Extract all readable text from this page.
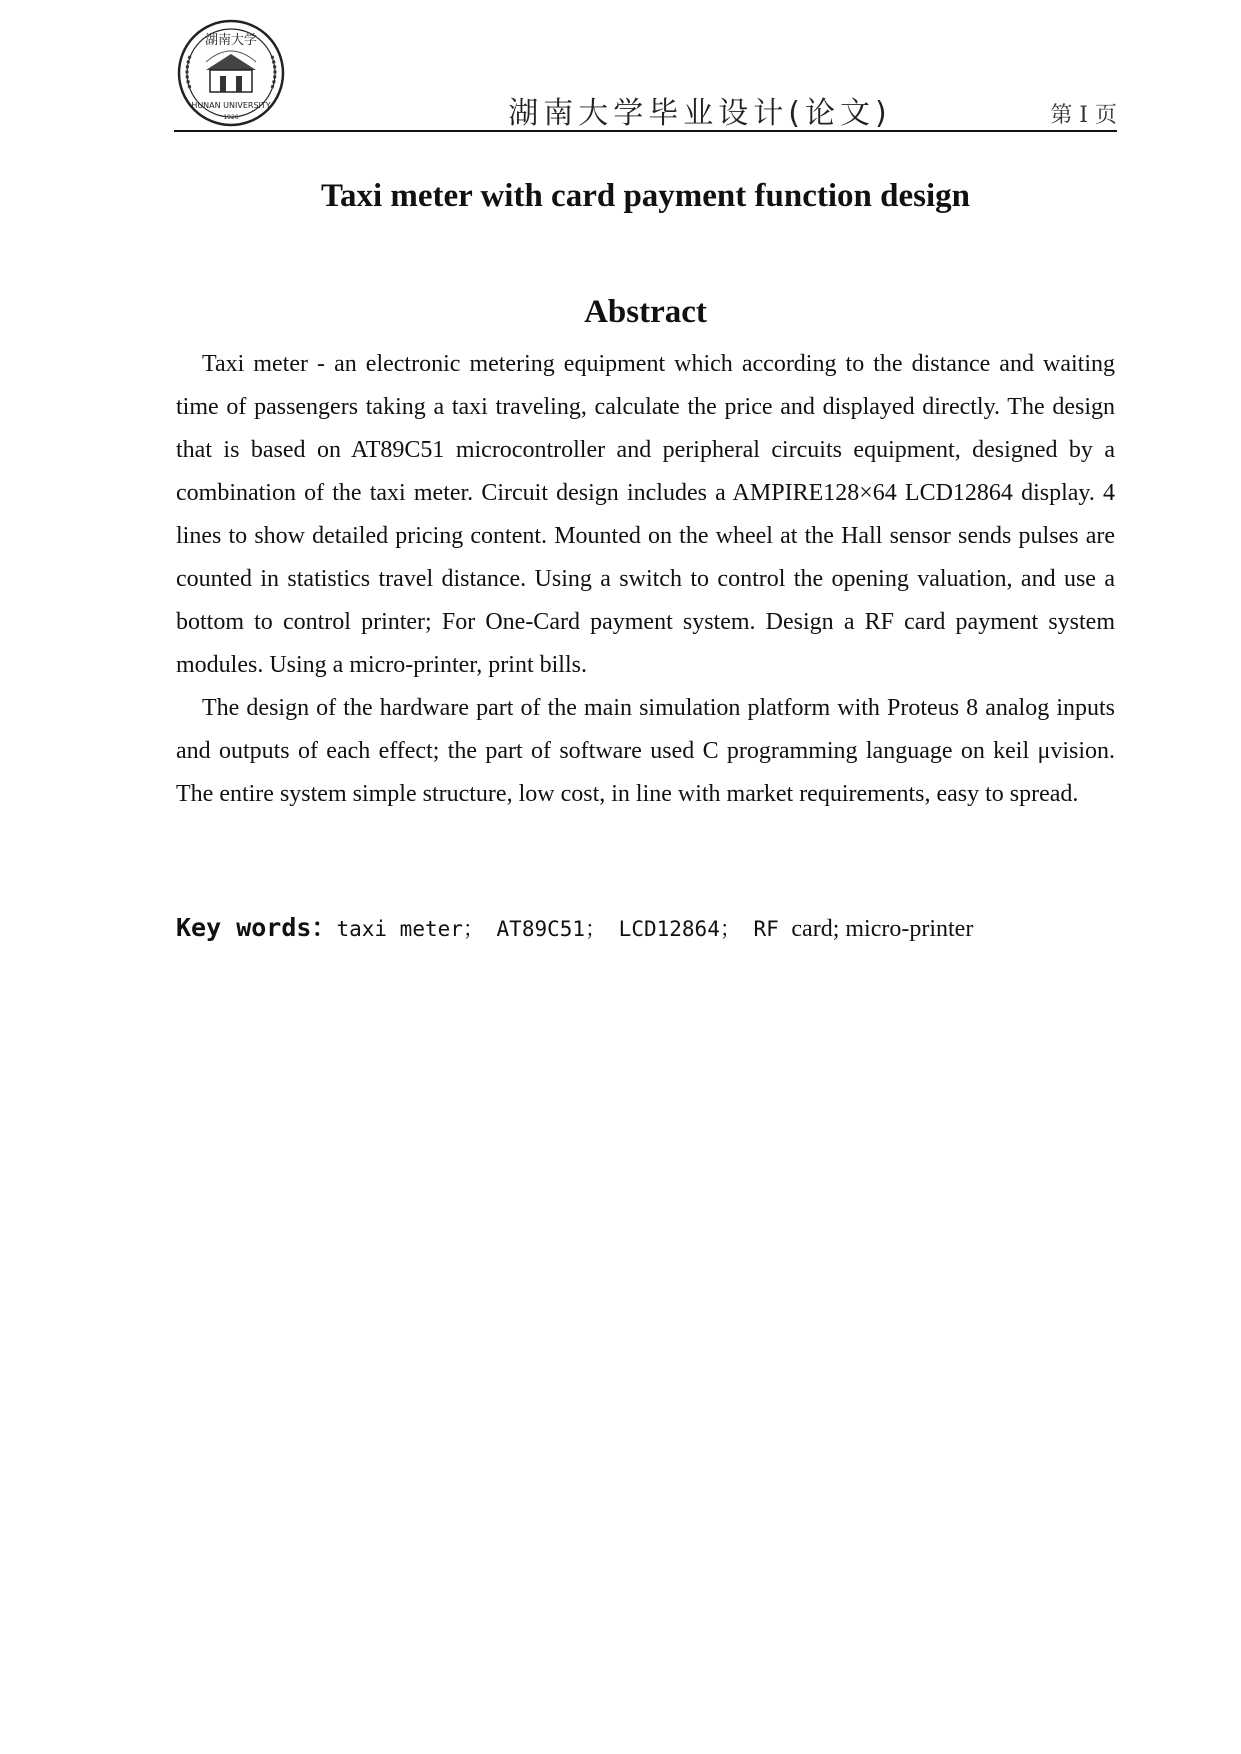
湖南大学
HUNAN UNIVERSITY
1926	湖南大学毕业设计(论文)	第 I 页
Taxi meter with card payment function design
Abstract

Taxi meter - an electronic metering equipment which according to the distance and waiting time of passengers taking a taxi traveling, calculate the price and displayed directly. The design that is based on AT89C51 microcontroller and peripheral circuits equipment, designed by a combination of the taxi meter. Circuit design includes a AMPIRE128×64 LCD12864 display. 4 lines to show detailed pricing content. Mounted on the wheel at the Hall sensor sends pulses are counted in statistics travel distance. Using a switch to control the opening valuation, and use a bottom to control printer; For One-Card payment system. Design a RF card payment system modules. Using a micro-printer, print bills.

The design of the hardware part of the main simulation platform with Proteus 8 analog inputs and outputs of each effect; the part of software used C programming language on keil μvision. The entire system simple structure, low cost, in line with market requirements, easy to spread.

Key words：taxi meter； AT89C51； LCD12864； RF card; micro-printer
